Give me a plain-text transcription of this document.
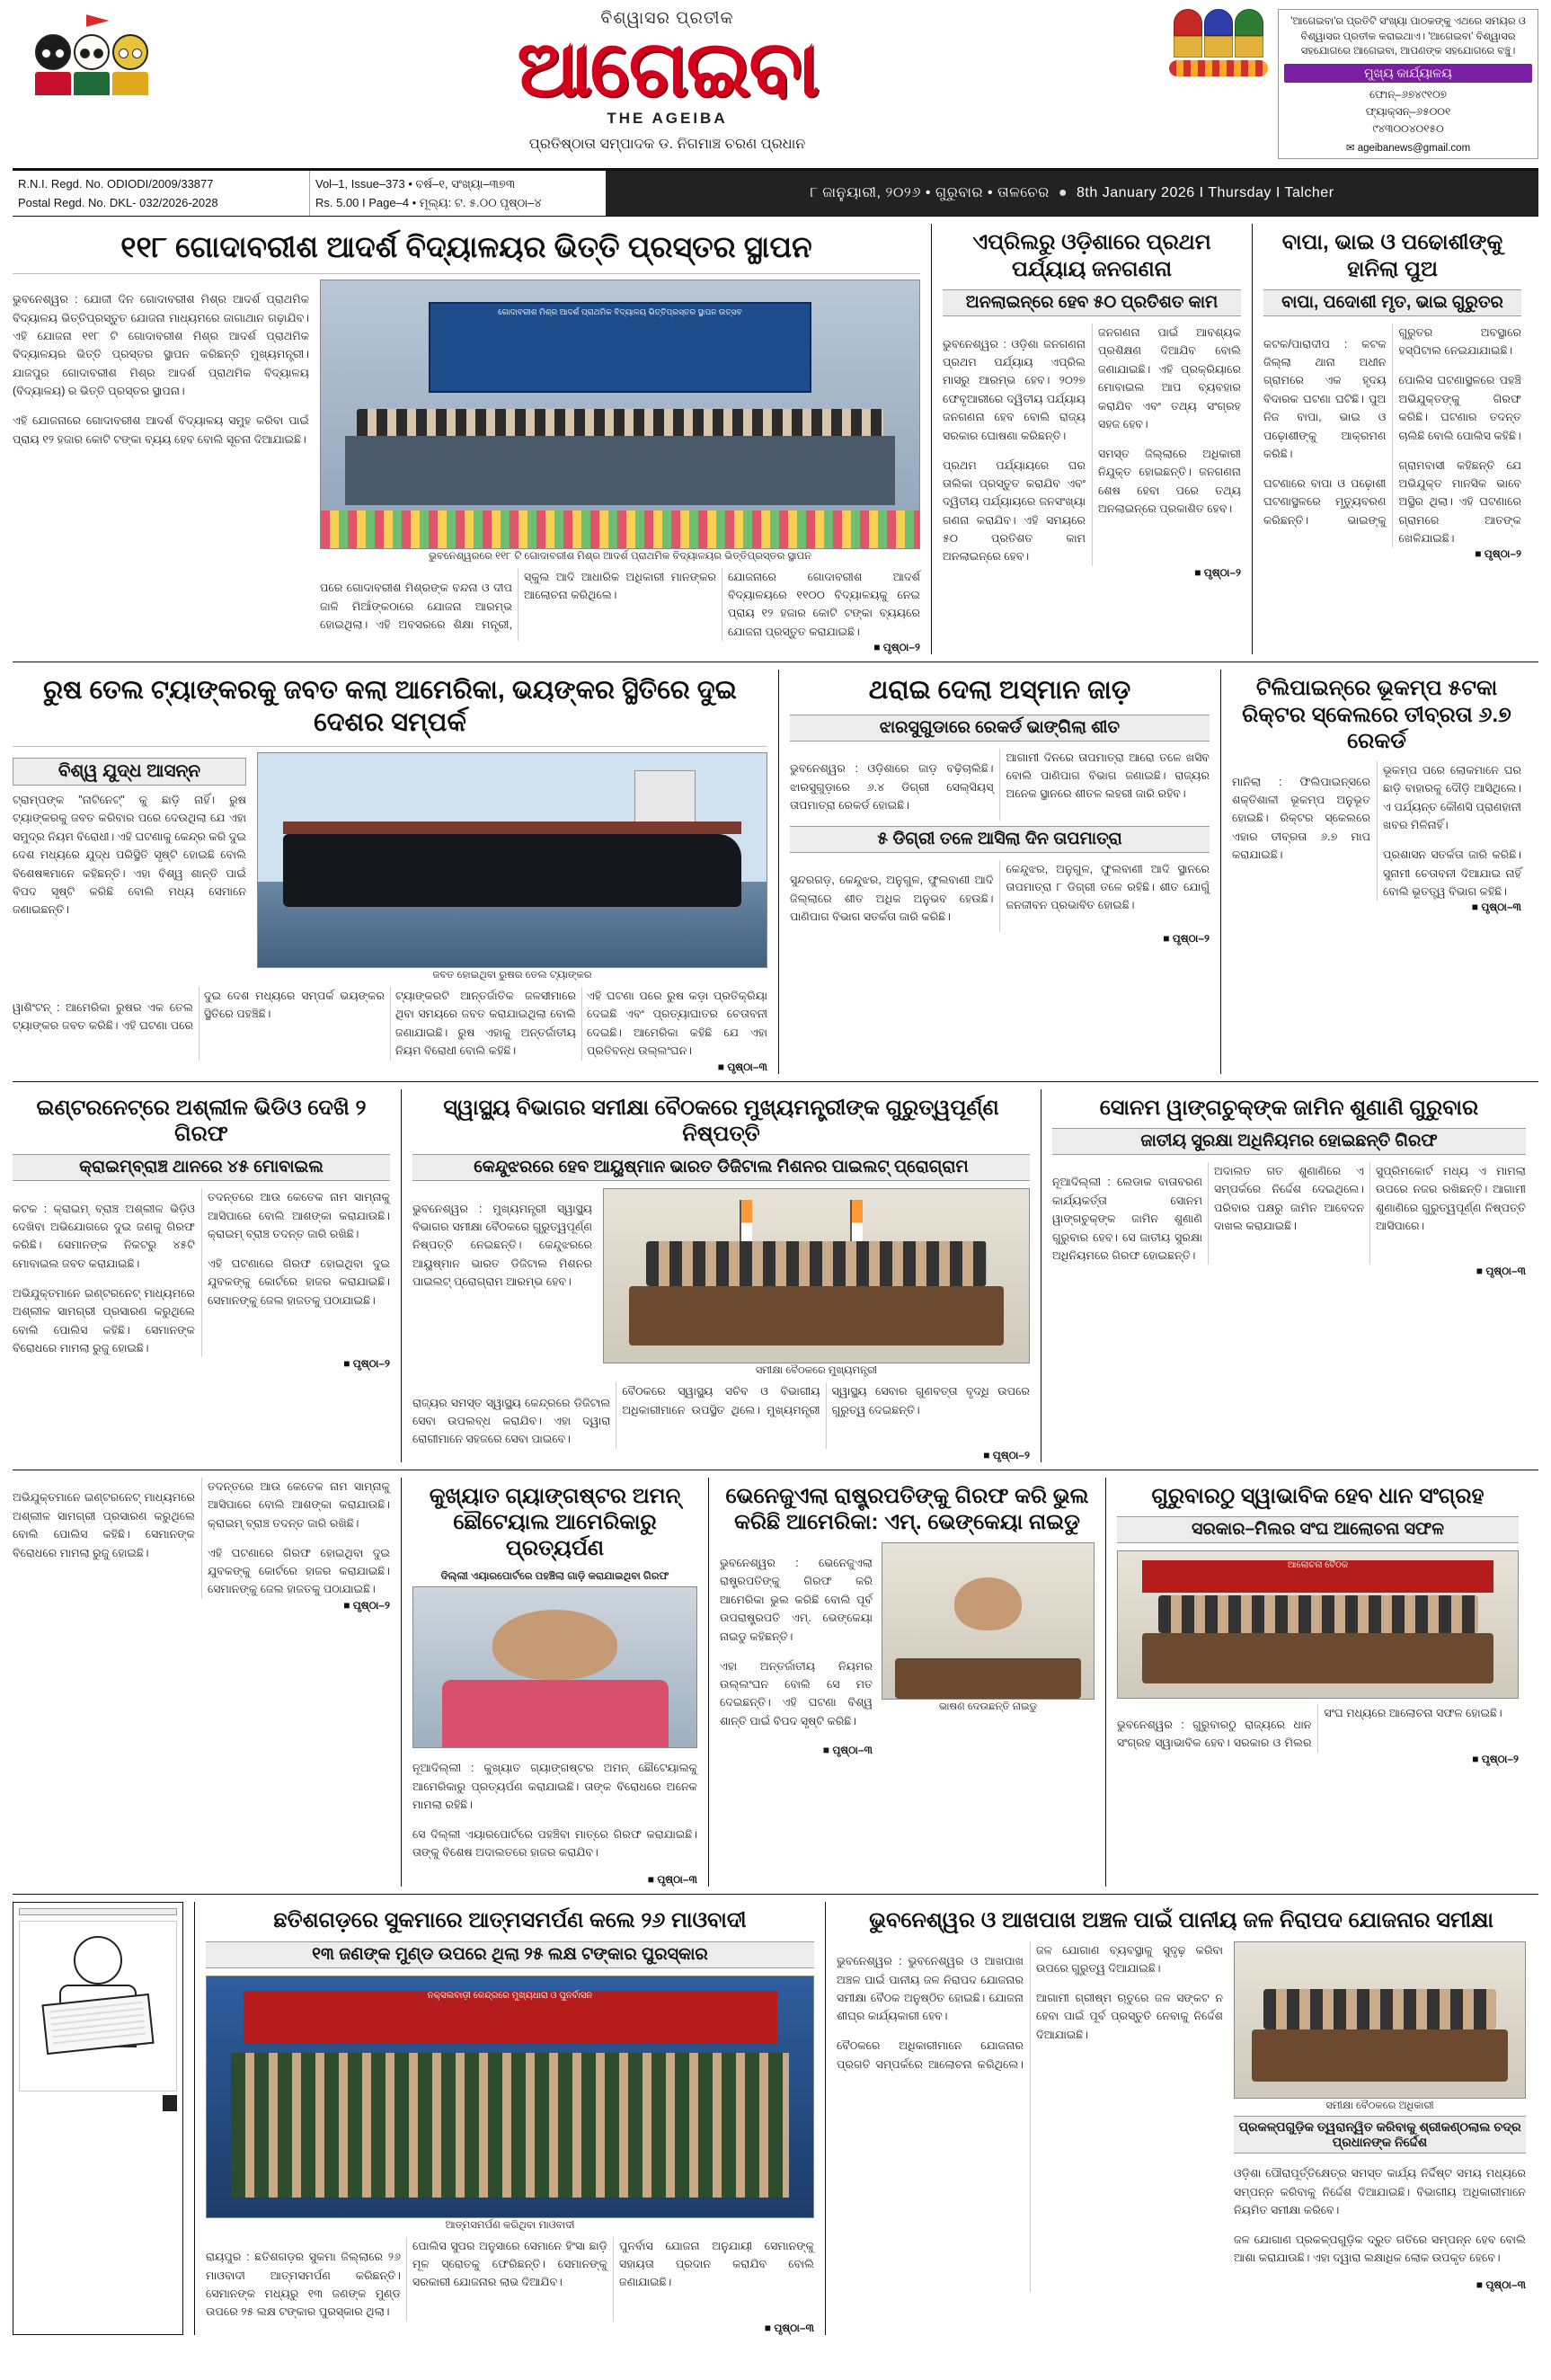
ବିଶ୍ୱାସର ପ୍ରତୀକ
ଆଗେଇବା
THE AGEIBA
ପ୍ରତିଷ୍ଠାତା ସମ୍ପାଦକ ଡ. ନିଗମାଞ୍ଚ ଚରଣ ପ୍ରଧାନ
'ଆଗେଇବା'ର ପ୍ରତିଟି ସଂଖ୍ୟା ପାଠକଙ୍କୁ ଏଥରେ ସମୟର ଓ ବିଶ୍ୱାସର ପ୍ରତୀକ କରାଇଥାଏ। 'ଆଗେଇବା' ବିଶ୍ୱାସର ସହଯୋଗରେ ଆଗେଇବା, ଆପଣଙ୍କ ସହଯୋଗରେ ବଞ୍ଚୁ।
ମୁଖ୍ୟ କାର୍ଯ୍ୟାଳୟ
ଫୋନ୍‌–୬୭୪୯୧୦୭
ଫ୍ୟାକ୍ସନ୍‌–୬୫୦୦୧
୯୪୩୦୦୪୦୧୫୦
✉ ageibanews@gmail.com
R.N.I. Regd. No. ODIODI/2009/33877
Postal Regd. No. DKL- 032/2026-2028
Vol–1, Issue–373 • ବର୍ଷ–୧, ସଂଖ୍ୟା–୩୭୩
Rs. 5.00 I Page–4 • ମୂଲ୍ୟ: ଟ. ୫.୦୦ ପୃଷ୍ଠା–୪
୮ ଜାନୁୟାରୀ, ୨୦୨୬ • ଗୁରୁବାର • ତାଳଚେର ● 8th January 2026 I Thursday I Talcher
୧୧୮ ଗୋଦାବରୀଶ ଆଦର୍ଶ ବିଦ୍ୟାଳୟର ଭିତ୍ତି ପ୍ରସ୍ତର ସ୍ଥାପନ

ଭୁବନେଶ୍ୱର : ଯୋଜୀ ଦିନ ଗୋଦାବରୀଶ ମିଶ୍ର ଆଦର୍ଶ ପ୍ରାଥମିକ ବିଦ୍ୟାଳୟ ଭିତ୍ତିପ୍ରସ୍ତୁତ ଯୋଜନା ମାଧ୍ୟମରେ ଜାଗାଥାନ ଗଢ଼ାଯିବ। ଏହି ଯୋଜନା ୧୧୮ ଟି ଗୋଦାବରୀଶ ମିଶ୍ର ଆଦର୍ଶ ପ୍ରାଥମିକ ବିଦ୍ୟାଳୟର ଭିତ୍ତି ପ୍ରସ୍ତର ସ୍ଥାପନ କରିଛନ୍ତି ମୁଖ୍ୟମନ୍ତ୍ରୀ। ଯାଜପୁର ଗୋଦାବରୀଶ ମିଶ୍ର ଆଦର୍ଶ ପ୍ରାଥମିକ ବିଦ୍ୟାଳୟ (ବିଦ୍ୟାଳୟ) ର ଭିତ୍ତି ପ୍ରସ୍ତର ସ୍ଥାପନା।

ଏହି ଯୋଜନାରେ ଗୋଦାବରୀଶ ଆଦର୍ଶ ବିଦ୍ୟାଳୟ ସମୁହ କରିବା ପାଇଁ ପ୍ରାୟ ୧୨ ହଜାର କୋଟି ଟଙ୍କା ବ୍ୟୟ ହେବ ବୋଲି ସୂଚନା ଦିଆଯାଇଛି।

ଗୋଦାବରୀଶ ମିଶ୍ର ଆଦର୍ଶ ପ୍ରାଥମିକ ବିଦ୍ୟାଳୟ ଭିତ୍ତିପ୍ରସ୍ତର ସ୍ଥାପନ ଉତ୍ସବ
ଭୁବନେଶ୍ୱରରେ ୧୧୮ ଟି ଗୋଦାବରୀଶ ମିଶ୍ର ଆଦର୍ଶ ପ୍ରାଥମିକ ବିଦ୍ୟାଳୟର ଭିତ୍ତିପ୍ରସ୍ତର ସ୍ଥାପନ

ପରେ ଗୋଦାବରୀଶ ମିଶ୍ରଙ୍କ ବନ୍ଦନା ଓ ଦୀପ ଜାଳି ମିଆଁଙ୍କଠାରେ ଯୋଜନା ଆରମ୍ଭ ହୋଇଥିଲା। ଏହି ଅବସରରେ ଶିକ୍ଷା ମନ୍ତ୍ରୀ, ସ୍କୁଲ ଆଦି ଆଧାରିକ ଅଧିକାରୀ ମାନଙ୍କର ଆଲୋଚନା କରିଥିଲେ।

ଯୋଜନାରେ ଗୋଦାବରୀଶ ଆଦର୍ଶ ବିଦ୍ୟାଳୟରେ ୧୧୦୦ ବିଦ୍ୟାଳୟକୁ ନେଇ ପ୍ରାୟ ୧୨ ହଜାର କୋଟି ଟଙ୍କା ବ୍ୟୟରେ ଯୋଜନା ପ୍ରସ୍ତୁତ କରାଯାଇଛି।

■ ପୃଷ୍ଠା–୨
ଏପ୍ରିଲରୁ ଓଡ଼ିଶାରେ ପ୍ରଥମ ପର୍ଯ୍ୟାୟ ଜନଗଣନା
ଅନଲାଇନ୍‌ରେ ହେବ ୫୦ ପ୍ରତିଶତ କାମ

ଭୁବନେଶ୍ୱର : ଓଡ଼ିଶା ଜନଗଣନା ପ୍ରଥମ ପର୍ଯ୍ୟାୟ ଏପ୍ରିଲ ମାସରୁ ଆରମ୍ଭ ହେବ। ୨୦୨୭ ଫେବୃଆରୀରେ ଦ୍ୱିତୀୟ ପର୍ଯ୍ୟାୟ ଜନଗଣନା ହେବ ବୋଲି ରାଜ୍ୟ ସରକାର ଘୋଷଣା କରିଛନ୍ତି।

ପ୍ରଥମ ପର୍ଯ୍ୟାୟରେ ଘର ତାଲିକା ପ୍ରସ୍ତୁତ କରାଯିବ ଏବଂ ଦ୍ୱିତୀୟ ପର୍ଯ୍ୟାୟରେ ଜନସଂଖ୍ୟା ଗଣନା କରାଯିବ। ଏହି ସମୟରେ ୫୦ ପ୍ରତିଶତ କାମ ଅନଲାଇନ୍‌ରେ ହେବ।

ଜନଗଣନା ପାଇଁ ଆବଶ୍ୟକ ପ୍ରଶିକ୍ଷଣ ଦିଆଯିବ ବୋଲି ଜଣାଯାଇଛି। ଏହି ପ୍ରକ୍ରିୟାରେ ମୋବାଇଲ ଆପ ବ୍ୟବହାର କରାଯିବ ଏବଂ ତଥ୍ୟ ସଂଗ୍ରହ ସହଜ ହେବ।

ସମସ୍ତ ଜିଲ୍ଲାରେ ଅଧିକାରୀ ନିଯୁକ୍ତ ହୋଇଛନ୍ତି। ଜନଗଣନା ଶେଷ ହେବା ପରେ ତଥ୍ୟ ଅନଲାଇନ୍‌ରେ ପ୍ରକାଶିତ ହେବ।

■ ପୃଷ୍ଠା–୨
ବାପା, ଭାଇ ଓ ପଢୋଶୀଙ୍କୁ ହାନିଲା ପୁଅ
ବାପା, ପଦୋଶୀ ମୃତ, ଭାଇ ଗୁରୁତର

କଟକ/ପାରାଦୀପ : କଟକ ଜିଲ୍ଲା ଥାନା ଅଧୀନ ଗ୍ରାମରେ ଏକ ହୃଦୟ ବିଦାରକ ଘଟଣା ଘଟିଛି। ପୁଅ ନିଜ ବାପା, ଭାଇ ଓ ପଢ଼ୋଶୀଙ୍କୁ ଆକ୍ରମଣ କରିଛି।

ଘଟଣାରେ ବାପା ଓ ପଢ଼ୋଶୀ ଘଟଣାସ୍ଥଳରେ ମୃତ୍ୟୁବରଣ କରିଛନ୍ତି। ଭାଇଙ୍କୁ ଗୁରୁତର ଅବସ୍ଥାରେ ହସ୍ପିଟାଲ ନେଇଯାଯାଇଛି।

ପୋଲିସ ଘଟଣାସ୍ଥଳରେ ପହଞ୍ଚି ଅଭିଯୁକ୍ତଙ୍କୁ ଗିରଫ କରିଛି। ଘଟଣାର ତଦନ୍ତ ଚାଲିଛି ବୋଲି ପୋଲିସ କହିଛି।

ଗ୍ରାମବାସୀ କହିଛନ୍ତି ଯେ ଅଭିଯୁକ୍ତ ମାନସିକ ଭାବେ ଅସ୍ଥିର ଥିଲା। ଏହି ଘଟଣାରେ ଗ୍ରାମରେ ଆତଙ୍କ ଖେଳିଯାଇଛି।

■ ପୃଷ୍ଠା–୨
ରୁଷ ତେଲ ଟ୍ୟାଙ୍କରକୁ ଜବତ କଲା ଆମେରିକା, ଭୟଙ୍କର ସ୍ଥିତିରେ ଦୁଇ ଦେଶର ସମ୍ପର୍କ
ବିଶ୍ୱ ଯୁଦ୍ଧ ଆସନ୍ନ
ଟ୍ରାମ୍ପଙ୍କ "ନାଟିନେଟ୍‌" କୁ ଛାଡ଼ି ନାହିଁ। ରୁଷ ଟ୍ୟାଙ୍କରକୁ ଜବତ କରିବାର ପରେ ଦେଉଥିଲା ଯେ ଏହା ସମୁଦ୍ର ନିୟମ ବିରୋଧୀ। ଏହି ଘଟଣାକୁ କେନ୍ଦ୍ର କରି ଦୁଇ ଦେଶ ମଧ୍ୟରେ ଯୁଦ୍ଧ ପରିସ୍ଥିତି ସୃଷ୍ଟି ହୋଇଛି ବୋଲି ବିଶେଷଜ୍ଞମାନେ କହିଛନ୍ତି। ଏହା ବିଶ୍ୱ ଶାନ୍ତି ପାଇଁ ବିପଦ ସୃଷ୍ଟି କରିଛି ବୋଲି ମଧ୍ୟ ସେମାନେ ଜଣାଇଛନ୍ତି।
ଜବତ ହୋଇଥିବା ରୁଷର ତେଲ ଟ୍ୟାଙ୍କର

ୱାଶିଂଟନ୍‌ : ଆମେରିକା ରୁଷର ଏକ ତେଲ ଟ୍ୟାଙ୍କର ଜବତ କରିଛି। ଏହି ଘଟଣା ପରେ ଦୁଇ ଦେଶ ମଧ୍ୟରେ ସମ୍ପର୍କ ଭୟଙ୍କର ସ୍ଥିତିରେ ପହଞ୍ଚିଛି।

ଟ୍ୟାଙ୍କରଟି ଆନ୍ତର୍ଜାତିକ ଜଳସୀମାରେ ଥିବା ସମୟରେ ଜବତ କରାଯାଇଥିଲା ବୋଲି ଜଣାଯାଇଛି। ରୁଷ ଏହାକୁ ଅନ୍ତର୍ଜାତୀୟ ନିୟମ ବିରୋଧୀ ବୋଲି କହିଛି।

ଏହି ଘଟଣା ପରେ ରୁଷ କଡ଼ା ପ୍ରତିକ୍ରିୟା ଦେଇଛି ଏବଂ ପ୍ରତ୍ୟାଘାତର ଚେତାବନୀ ଦେଇଛି। ଆମେରିକା କହିଛି ଯେ ଏହା ପ୍ରତିବନ୍ଧ ଉଲ୍ଲଂଘନ।

■ ପୃଷ୍ଠା–୩
ଥରାଇ ଦେଲା ଅସ୍ମାନ ଜାଡ଼
ଝାରସୁଗୁଡାରେ ରେକର୍ଡ ଭାଙ୍ଗିଲା ଶୀତ

ଭୁବନେଶ୍ୱର : ଓଡ଼ିଶାରେ ଜାଡ଼ ବଢ଼ିଚାଲିଛି। ଝାରସୁଗୁଡ଼ାରେ ୬.୪ ଡିଗ୍ରୀ ସେଲ୍‌ସିୟସ୍ ତାପମାତ୍ରା ରେକର୍ଡ ହୋଇଛି।

ଆଗାମୀ ଦିନରେ ତାପମାତ୍ରା ଆରୋ ତଳେ ଖସିବ ବୋଲି ପାଣିପାଗ ବିଭାଗ ଜଣାଇଛି। ରାଜ୍ୟର ଅନେକ ସ୍ଥାନରେ ଶୀତଳ ଲହରୀ ଜାରି ରହିବ।

୫ ଡିଗ୍ରୀ ତଳେ ଆସିଲା ଦିନ ତାପମାତ୍ରା

ସୁନ୍ଦରଗଡ଼, କେନ୍ଦୁଝର, ଅନୁଗୁଳ, ଫୁଲବାଣୀ ଆଦି ଜିଲ୍ଲାରେ ଶୀତ ଅଧିକ ଅନୁଭବ ହେଉଛି। ପାଣିପାଗ ବିଭାଗ ସତର୍କତା ଜାରି କରିଛି।

କେନ୍ଦୁଝର, ଅନୁଗୁଳ, ଫୁଲବାଣୀ ଆଦି ସ୍ଥାନରେ ତାପମାତ୍ରା ୮ ଡିଗ୍ରୀ ତଳେ ରହିଛି। ଶୀତ ଯୋଗୁଁ ଜନଜୀବନ ପ୍ରଭାବିତ ହୋଇଛି।

■ ପୃଷ୍ଠା–୨
ଟିଲିପାଇନ୍‌ରେ ଭୂକମ୍ପ ୫ଟକା ରିକ୍ଟର ସ୍କେଲରେ ତୀବ୍ରତା ୬.୭ ରେକର୍ଡ

ମାନିଲା : ଫିଲିପାଇନ୍‌ସରେ ଶକ୍ତିଶାଳୀ ଭୂକମ୍ପ ଅନୁଭୂତ ହୋଇଛି। ରିକ୍ଟର ସ୍କେଲରେ ଏହାର ତୀବ୍ରତା ୬.୭ ମାପ କରାଯାଇଛି।

ଭୂକମ୍ପ ପରେ ଲୋକମାନେ ଘର ଛାଡ଼ି ବାହାରକୁ ଦୌଡ଼ି ଆସିଥିଲେ। ଏ ପର୍ଯ୍ୟନ୍ତ କୌଣସି ପ୍ରାଣହାନୀ ଖବର ମିଳିନାହିଁ।

ପ୍ରଶାସନ ସତର୍କତା ଜାରି କରିଛି। ସୁନାମୀ ଚେତାବନୀ ଦିଆଯାଇ ନାହିଁ ବୋଲି ଭୂତତ୍ତ୍ୱ ବିଭାଗ କହିଛି।

■ ପୃଷ୍ଠା–୩
ଇଣ୍ଟରନେଟ୍‌ରେ ଅଶ୍ଲୀଳ ଭିଡିଓ ଦେଖି ୨ ଗିରଫ
କ୍ରାଇମ୍‌ବ୍ରାଞ୍ଚ ଥାନରେ ୪୫ ମୋବାଇଲ

କଟକ : କ୍ରାଇମ୍ ବ୍ରାଞ୍ଚ ଅଶ୍ଲୀଳ ଭିଡ଼ିଓ ଦେଖିବା ଅଭିଯୋଗରେ ଦୁଇ ଜଣକୁ ଗିରଫ କରିଛି। ସେମାନଙ୍କ ନିକଟରୁ ୪୫ଟି ମୋବାଇଲ ଜବତ କରାଯାଇଛି।

ଅଭିଯୁକ୍ତମାନେ ଇଣ୍ଟରନେଟ୍ ମାଧ୍ୟମରେ ଅଶ୍ଲୀଳ ସାମଗ୍ରୀ ପ୍ରସାରଣ କରୁଥିଲେ ବୋଲି ପୋଲିସ କହିଛି। ସେମାନଙ୍କ ବିରୋଧରେ ମାମଲା ରୁଜୁ ହୋଇଛି।

ତଦନ୍ତରେ ଆଉ କେତେକ ନାମ ସାମ୍ନାକୁ ଆସିପାରେ ବୋଲି ଆଶଙ୍କା କରାଯାଉଛି। କ୍ରାଇମ୍ ବ୍ରାଞ୍ଚ ତଦନ୍ତ ଜାରି ରଖିଛି।

ଏହି ଘଟଣାରେ ଗିରଫ ହୋଇଥିବା ଦୁଇ ଯୁବକଙ୍କୁ କୋର୍ଟରେ ହାଜର କରାଯାଇଛି। ସେମାନଙ୍କୁ ଜେଲ ହାଜତକୁ ପଠାଯାଇଛି।

■ ପୃଷ୍ଠା–୨
ସ୍ୱାସ୍ଥ୍ୟ ବିଭାଗର ସମୀକ୍ଷା ବୈଠକରେ ମୁଖ୍ୟମନ୍ତ୍ରୀଙ୍କ ଗୁରୁତ୍ୱପୂର୍ଣ୍ଣ ନିଷ୍ପତ୍ତି
କେନ୍ଦୁଝରରେ ହେବ ଆୟୁଷ୍ମାନ ଭାରତ ଡିଜିଟାଲ ମିଶନର ପାଇଲଟ୍‌ ପ୍ରୋଗ୍ରାମ

ଭୁବନେଶ୍ୱର : ମୁଖ୍ୟମନ୍ତ୍ରୀ ସ୍ୱାସ୍ଥ୍ୟ ବିଭାଗର ସମୀକ୍ଷା ବୈଠକରେ ଗୁରୁତ୍ୱପୂର୍ଣ୍ଣ ନିଷ୍ପତ୍ତି ନେଇଛନ୍ତି। କେନ୍ଦୁଝରରେ ଆୟୁଷ୍ମାନ ଭାରତ ଡିଜିଟାଲ ମିଶନର ପାଇଲଟ୍ ପ୍ରୋଗ୍ରାମ ଆରମ୍ଭ ହେବ।

ସମୀକ୍ଷା ବୈଠକରେ ମୁଖ୍ୟମନ୍ତ୍ରୀ

ରାଜ୍ୟର ସମସ୍ତ ସ୍ୱାସ୍ଥ୍ୟ କେନ୍ଦ୍ରରେ ଡିଜିଟାଲ ସେବା ଉପଲବ୍ଧ କରାଯିବ। ଏହା ଦ୍ୱାରା ରୋଗୀମାନେ ସହଜରେ ସେବା ପାଇବେ।

ବୈଠକରେ ସ୍ୱାସ୍ଥ୍ୟ ସଚିବ ଓ ବିଭାଗୀୟ ଅଧିକାରୀମାନେ ଉପସ୍ଥିତ ଥିଲେ। ମୁଖ୍ୟମନ୍ତ୍ରୀ ସ୍ୱାସ୍ଥ୍ୟ ସେବାର ଗୁଣବତ୍ତା ବୃଦ୍ଧି ଉପରେ ଗୁରୁତ୍ୱ ଦେଇଛନ୍ତି।

■ ପୃଷ୍ଠା–୨
ସୋନମ ୱାଙ୍ଗଚୁକ୍‌ଙ୍କ ଜାମିନ ଶୁଣାଣି ଗୁରୁବାର
ଜାତୀୟ ସୁରକ୍ଷା ଅଧିନିୟମର ହୋଇଛନ୍ତି ଗିରଫ

ନୂଆଦିଲ୍ଲୀ : ଲେଡାକ ବାତାବରଣ କାର୍ଯ୍ୟକର୍ତ୍ତା ସୋନମ ୱାଙ୍ଗଚୁକ୍‌ଙ୍କ ଜାମିନ ଶୁଣାଣି ଗୁରୁବାର ହେବ। ସେ ଜାତୀୟ ସୁରକ୍ଷା ଅଧିନିୟମରେ ଗିରଫ ହୋଇଛନ୍ତି।

ଅଦାଲତ ଗତ ଶୁଣାଣିରେ ଏ ସମ୍ପର୍କରେ ନିର୍ଦ୍ଦେଶ ଦେଇଥିଲେ। ପରିବାର ପକ୍ଷରୁ ଜାମିନ ଆବେଦନ ଦାଖଲ କରାଯାଇଛି।

ସୁପ୍ରିମକୋର୍ଟ ମଧ୍ୟ ଏ ମାମଲା ଉପରେ ନଜର ରଖିଛନ୍ତି। ଆଗାମୀ ଶୁଣାଣିରେ ଗୁରୁତ୍ୱପୂର୍ଣ୍ଣ ନିଷ୍ପତ୍ତି ଆସିପାରେ।

■ ପୃଷ୍ଠା–୩

ଅଭିଯୁକ୍ତମାନେ ଇଣ୍ଟରନେଟ୍ ମାଧ୍ୟମରେ ଅଶ୍ଲୀଳ ସାମଗ୍ରୀ ପ୍ରସାରଣ କରୁଥିଲେ ବୋଲି ପୋଲିସ କହିଛି। ସେମାନଙ୍କ ବିରୋଧରେ ମାମଲା ରୁଜୁ ହୋଇଛି।

ତଦନ୍ତରେ ଆଉ କେତେକ ନାମ ସାମ୍ନାକୁ ଆସିପାରେ ବୋଲି ଆଶଙ୍କା କରାଯାଉଛି। କ୍ରାଇମ୍ ବ୍ରାଞ୍ଚ ତଦନ୍ତ ଜାରି ରଖିଛି।

ଏହି ଘଟଣାରେ ଗିରଫ ହୋଇଥିବା ଦୁଇ ଯୁବକଙ୍କୁ କୋର୍ଟରେ ହାଜର କରାଯାଇଛି। ସେମାନଙ୍କୁ ଜେଲ ହାଜତକୁ ପଠାଯାଇଛି।

■ ପୃଷ୍ଠା–୨
କୁଖ୍ୟାତ ଗ୍ୟାଙ୍ଗଷ୍ଟର ଅମନ୍‌ ଛୌଟେୟାଲ ଆମେରିକାରୁ ପ୍ରତ୍ୟର୍ପଣ
ଦିଲ୍ଲୀ ଏୟାରପୋର୍ଟରେ ପହଞ୍ଚିଲା ଗାଡ଼ି କରାଯାଇଥିବା ଗିରଫ

ନୂଆଦିଲ୍ଲୀ : କୁଖ୍ୟାତ ଗ୍ୟାଙ୍ଗଷ୍ଟର ଅମନ୍ ଛୌଟେୟାଲକୁ ଆମେରିକାରୁ ପ୍ରତ୍ୟର୍ପଣ କରାଯାଇଛି। ତାଙ୍କ ବିରୋଧରେ ଅନେକ ମାମଲା ରହିଛି।

ସେ ଦିଲ୍ଲୀ ଏୟାରପୋର୍ଟରେ ପହଞ୍ଚିବା ମାତ୍ରେ ଗିରଫ କରାଯାଇଛି। ତାଙ୍କୁ ବିଶେଷ ଅଦାଲତରେ ହାଜର କରାଯିବ।

■ ପୃଷ୍ଠା–୩
ଭେନେଜୁଏଲା ରାଷ୍ଟ୍ରପତିଙ୍କୁ ଗିରଫ କରି ଭୁଲ କରିଛି ଆମେରିକା: ଏମ୍‌. ଭେଙ୍କେୟା ନାଇଡୁ

ଭୁବନେଶ୍ୱର : ଭେନେଜୁଏଲା ରାଷ୍ଟ୍ରପତିଙ୍କୁ ଗିରଫ କରି ଆମେରିକା ଭୁଲ କରିଛି ବୋଲି ପୂର୍ବ ଉପରାଷ୍ଟ୍ରପତି ଏମ୍. ଭେଙ୍କେୟା ନାଇଡୁ କହିଛନ୍ତି।

ଏହା ଅନ୍ତର୍ଜାତୀୟ ନିୟମର ଉଲ୍ଲଂଘନ ବୋଲି ସେ ମତ ଦେଇଛନ୍ତି। ଏହି ଘଟଣା ବିଶ୍ୱ ଶାନ୍ତି ପାଇଁ ବିପଦ ସୃଷ୍ଟି କରିଛି।

■ ପୃଷ୍ଠା–୩
ଭାଷଣ ଦେଉଛନ୍ତି ନାଇଡୁ
ଗୁରୁବାରଠୁ ସ୍ୱାଭାବିକ ହେବ ଧାନ ସଂଗ୍ରହ
ସରକାର–ମିଲର ସଂଘ ଆଲୋଚନା ସଫଳ
ଆଲୋଚନା ବୈଠକ

ଭୁବନେଶ୍ୱର : ଗୁରୁବାରଠୁ ରାଜ୍ୟରେ ଧାନ ସଂଗ୍ରହ ସ୍ୱାଭାବିକ ହେବ। ସରକାର ଓ ମିଲର ସଂଘ ମଧ୍ୟରେ ଆଲୋଚନା ସଫଳ ହୋଇଛି।

■ ପୃଷ୍ଠା–୨
ଛତିଶଗଡ଼ରେ ସୁକମାରେ ଆତ୍ମସମର୍ପଣ କଲେ ୨୬ ମାଓବାଦୀ
୧୩ ଜଣଙ୍କ ମୁଣ୍ଡ ଉପରେ ଥିଲା ୨୫ ଲକ୍ଷ ଟଙ୍କାର ପୁରସ୍କାର
ନକ୍ସଲବାଡ଼ୀ କେନ୍ଦ୍ରରେ ମୁଖ୍ୟଧାରା ଓ ପୁନର୍ବାସନ
ଆତ୍ମସମର୍ପଣ କରିଥିବା ମାଓବାଦୀ

ରାୟପୁର : ଛତିଶଗଡ଼ର ସୁକମା ଜିଲ୍ଲାରେ ୨୬ ମାଓବାଦୀ ଆତ୍ମସମର୍ପଣ କରିଛନ୍ତି। ସେମାନଙ୍କ ମଧ୍ୟରୁ ୧୩ ଜଣଙ୍କ ମୁଣ୍ଡ ଉପରେ ୨୫ ଲକ୍ଷ ଟଙ୍କାର ପୁରସ୍କାର ଥିଲା।

ପୋଲିସ ସୁପର ଅନୁସାରେ ସେମାନେ ହିଂସା ଛାଡ଼ି ମୂଳ ସ୍ରୋତକୁ ଫେରିଛନ୍ତି। ସେମାନଙ୍କୁ ସରକାରୀ ଯୋଜନାର ଲାଭ ଦିଆଯିବ।

ପୁନର୍ବାସ ଯୋଜନା ଅନୁଯାୟୀ ସେମାନଙ୍କୁ ସହାୟତା ପ୍ରଦାନ କରାଯିବ ବୋଲି ଜଣାଯାଇଛି।

■ ପୃଷ୍ଠା–୩
ଭୁବନେଶ୍ୱର ଓ ଆଖପାଖ ଅଞ୍ଚଳ ପାଇଁ ପାନୀୟ ଜଳ ନିରାପଦ ଯୋଜନାର ସମୀକ୍ଷା

ଭୁବନେଶ୍ୱର : ଭୁବନେଶ୍ୱର ଓ ଆଖପାଖ ଅଞ୍ଚଳ ପାଇଁ ପାନୀୟ ଜଳ ନିରାପଦ ଯୋଜନାର ସମୀକ୍ଷା ବୈଠକ ଅନୁଷ୍ଠିତ ହୋଇଛି। ଯୋଜନା ଶୀଘ୍ର କାର୍ଯ୍ୟକାରୀ ହେବ।

ବୈଠକରେ ଅଧିକାରୀମାନେ ଯୋଜନାର ପ୍ରଗତି ସମ୍ପର୍କରେ ଆଲୋଚନା କରିଥିଲେ। ଜଳ ଯୋଗାଣ ବ୍ୟବସ୍ଥାକୁ ସୁଦୃଢ଼ କରିବା ଉପରେ ଗୁରୁତ୍ୱ ଦିଆଯାଇଛି।

ଆଗାମୀ ଗ୍ରୀଷ୍ମ ଋତୁରେ ଜଳ ସଙ୍କଟ ନ ହେବା ପାଇଁ ପୂର୍ବ ପ୍ରସ୍ତୁତି ନେବାକୁ ନିର୍ଦ୍ଦେଶ ଦିଆଯାଇଛି।

ସମୀକ୍ଷା ବୈଠକରେ ଅଧିକାରୀ
ପ୍ରକଳ୍ପଗୁଡ଼ିକ ତ୍ୱରାନ୍ୱିତ କରିବାକୁ ଶ୍ରୀକଣ୍ଠଲାଲ ଚଦ୍ର ପ୍ରଧାନଙ୍କ ନିର୍ଦ୍ଦେଶ

ଓଡ଼ିଶା ପୌରାପୂର୍ତ୍ତିକ୍ଷେତ୍ର ସମସ୍ତ କାର୍ଯ୍ୟ ନିର୍ଦ୍ଦିଷ୍ଟ ସମୟ ମଧ୍ୟରେ ସମ୍ପନ୍ନ କରିବାକୁ ନିର୍ଦ୍ଦେଶ ଦିଆଯାଇଛି। ବିଭାଗୀୟ ଅଧିକାରୀମାନେ ନିୟମିତ ସମୀକ୍ଷା କରିବେ।

ଜଳ ଯୋଗାଣ ପ୍ରକଳ୍ପଗୁଡ଼ିକ ଦ୍ରୁତ ଗତିରେ ସମ୍ପନ୍ନ ହେବ ବୋଲି ଆଶା କରାଯାଉଛି। ଏହା ଦ୍ୱାରା ଲକ୍ଷାଧିକ ଲୋକ ଉପକୃତ ହେବେ।

■ ପୃଷ୍ଠା–୩
